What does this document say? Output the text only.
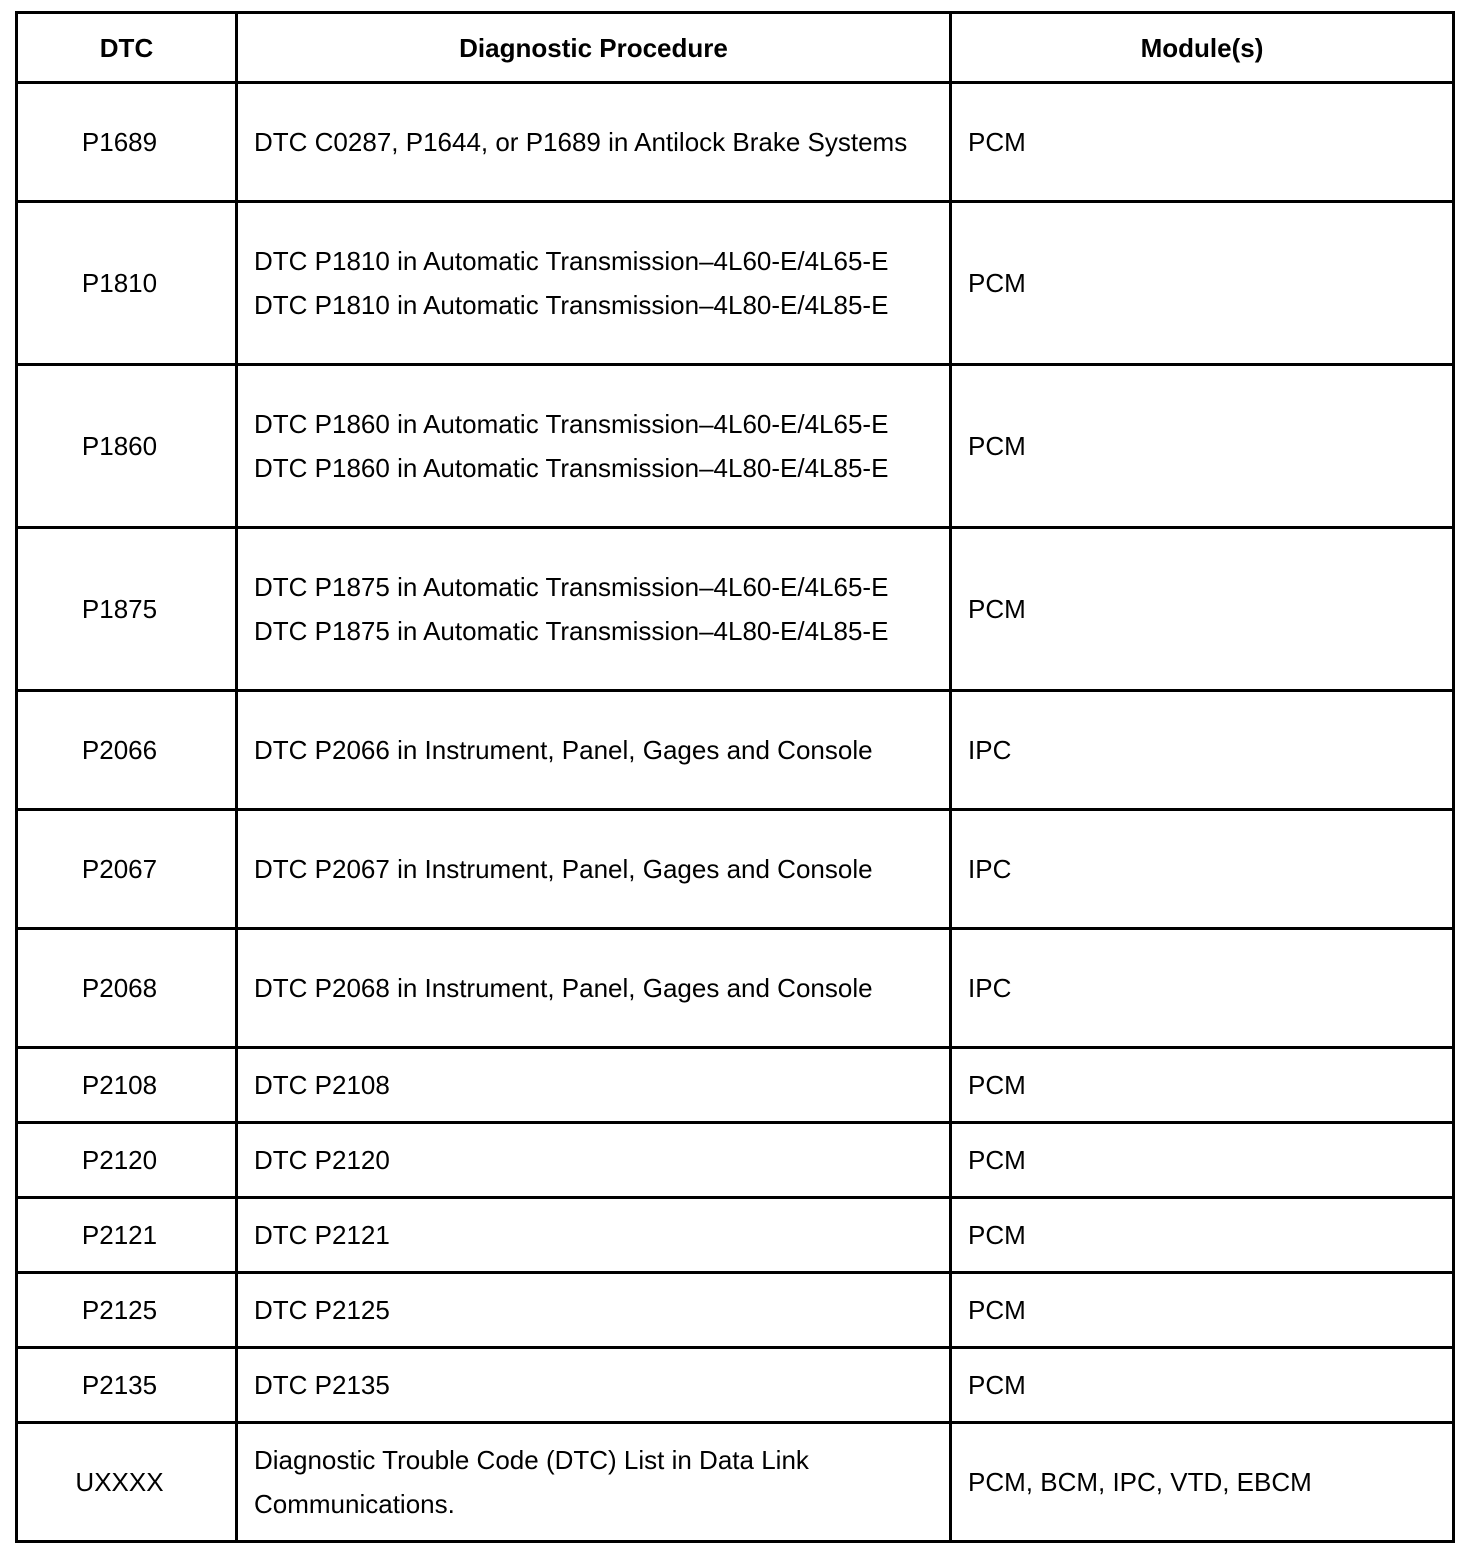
DTC	Diagnostic Procedure	Module(s)
P1689	DTC C0287, P1644, or P1689 in Antilock Brake Systems	PCM
P1810	DTC P1810 in Automatic Transmission–4L60-E/4L65-E DTC P1810 in Automatic Transmission–4L80-E/4L85-E	PCM
P1860	DTC P1860 in Automatic Transmission–4L60-E/4L65-E DTC P1860 in Automatic Transmission–4L80-E/4L85-E	PCM
P1875	DTC P1875 in Automatic Transmission–4L60-E/4L65-E DTC P1875 in Automatic Transmission–4L80-E/4L85-E	PCM
P2066	DTC P2066 in Instrument, Panel, Gages and Console	IPC
P2067	DTC P2067 in Instrument, Panel, Gages and Console	IPC
P2068	DTC P2068 in Instrument, Panel, Gages and Console	IPC
P2108	DTC P2108	PCM
P2120	DTC P2120	PCM
P2121	DTC P2121	PCM
P2125	DTC P2125	PCM
P2135	DTC P2135	PCM
UXXXX	Diagnostic Trouble Code (DTC) List in Data Link Communications.	PCM, BCM, IPC, VTD, EBCM
